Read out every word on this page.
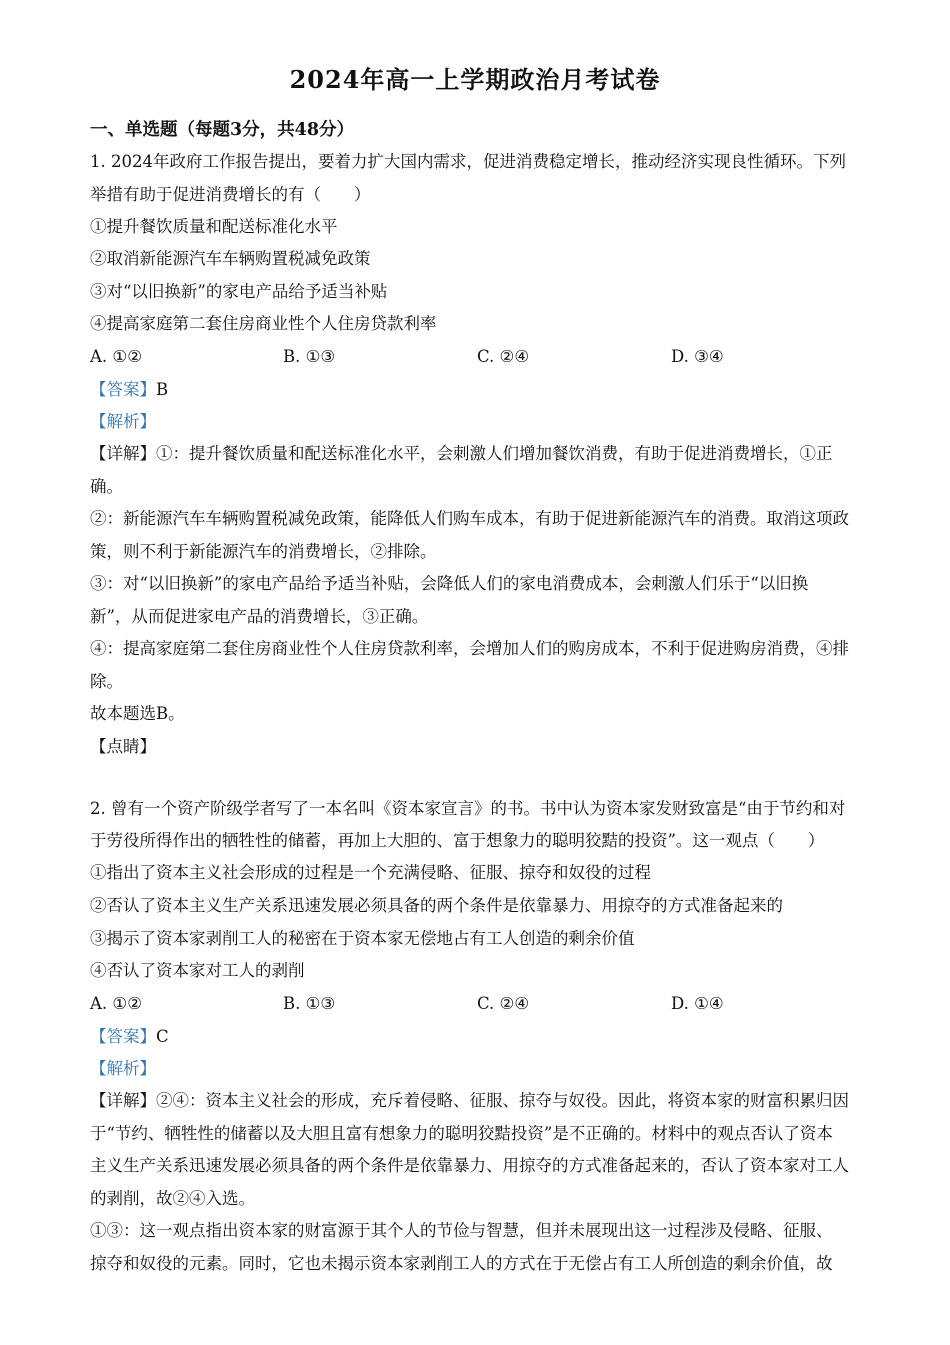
2024年高一上学期政治月考试卷
一、单选题（每题3分，共48分）
1. 2024年政府工作报告提出，要着力扩大国内需求，促进消费稳定增长，推动经济实现良性循环。下列
举措有助于促进消费增长的有（　　）
①提升餐饮质量和配送标准化水平
②取消新能源汽车车辆购置税减免政策
③对“以旧换新”的家电产品给予适当补贴
④提高家庭第二套住房商业性个人住房贷款利率
A. ①②	B. ①③	C. ②④	D. ③④
【答案】B
【解析】
【详解】①：提升餐饮质量和配送标准化水平，会刺激人们增加餐饮消费，有助于促进消费增长，①正
确。
②：新能源汽车车辆购置税减免政策，能降低人们购车成本，有助于促进新能源汽车的消费。取消这项政
策，则不利于新能源汽车的消费增长，②排除。
③：对“以旧换新”的家电产品给予适当补贴，会降低人们的家电消费成本，会刺激人们乐于“以旧换
新”，从而促进家电产品的消费增长，③正确。
④：提高家庭第二套住房商业性个人住房贷款利率，会增加人们的购房成本，不利于促进购房消费，④排
除。
故本题选B。
【点睛】
2. 曾有一个资产阶级学者写了一本名叫《资本家宣言》的书。书中认为资本家发财致富是“由于节约和对
于劳役所得作出的牺牲性的储蓄，再加上大胆的、富于想象力的聪明狡黠的投资”。这一观点（　　）
①指出了资本主义社会形成的过程是一个充满侵略、征服、掠夺和奴役的过程
②否认了资本主义生产关系迅速发展必须具备的两个条件是依靠暴力、用掠夺的方式准备起来的
③揭示了资本家剥削工人的秘密在于资本家无偿地占有工人创造的剩余价值
④否认了资本家对工人的剥削
A. ①②	B. ①③	C. ②④	D. ①④
【答案】C
【解析】
【详解】②④：资本主义社会的形成，充斥着侵略、征服、掠夺与奴役。因此，将资本家的财富积累归因
于“节约、牺牲性的储蓄以及大胆且富有想象力的聪明狡黠投资”是不正确的。材料中的观点否认了资本
主义生产关系迅速发展必须具备的两个条件是依靠暴力、用掠夺的方式准备起来的，否认了资本家对工人
的剥削，故②④入选。
①③：这一观点指出资本家的财富源于其个人的节俭与智慧，但并未展现出这一过程涉及侵略、征服、
掠夺和奴役的元素。同时，它也未揭示资本家剥削工人的方式在于无偿占有工人所创造的剩余价值，故
